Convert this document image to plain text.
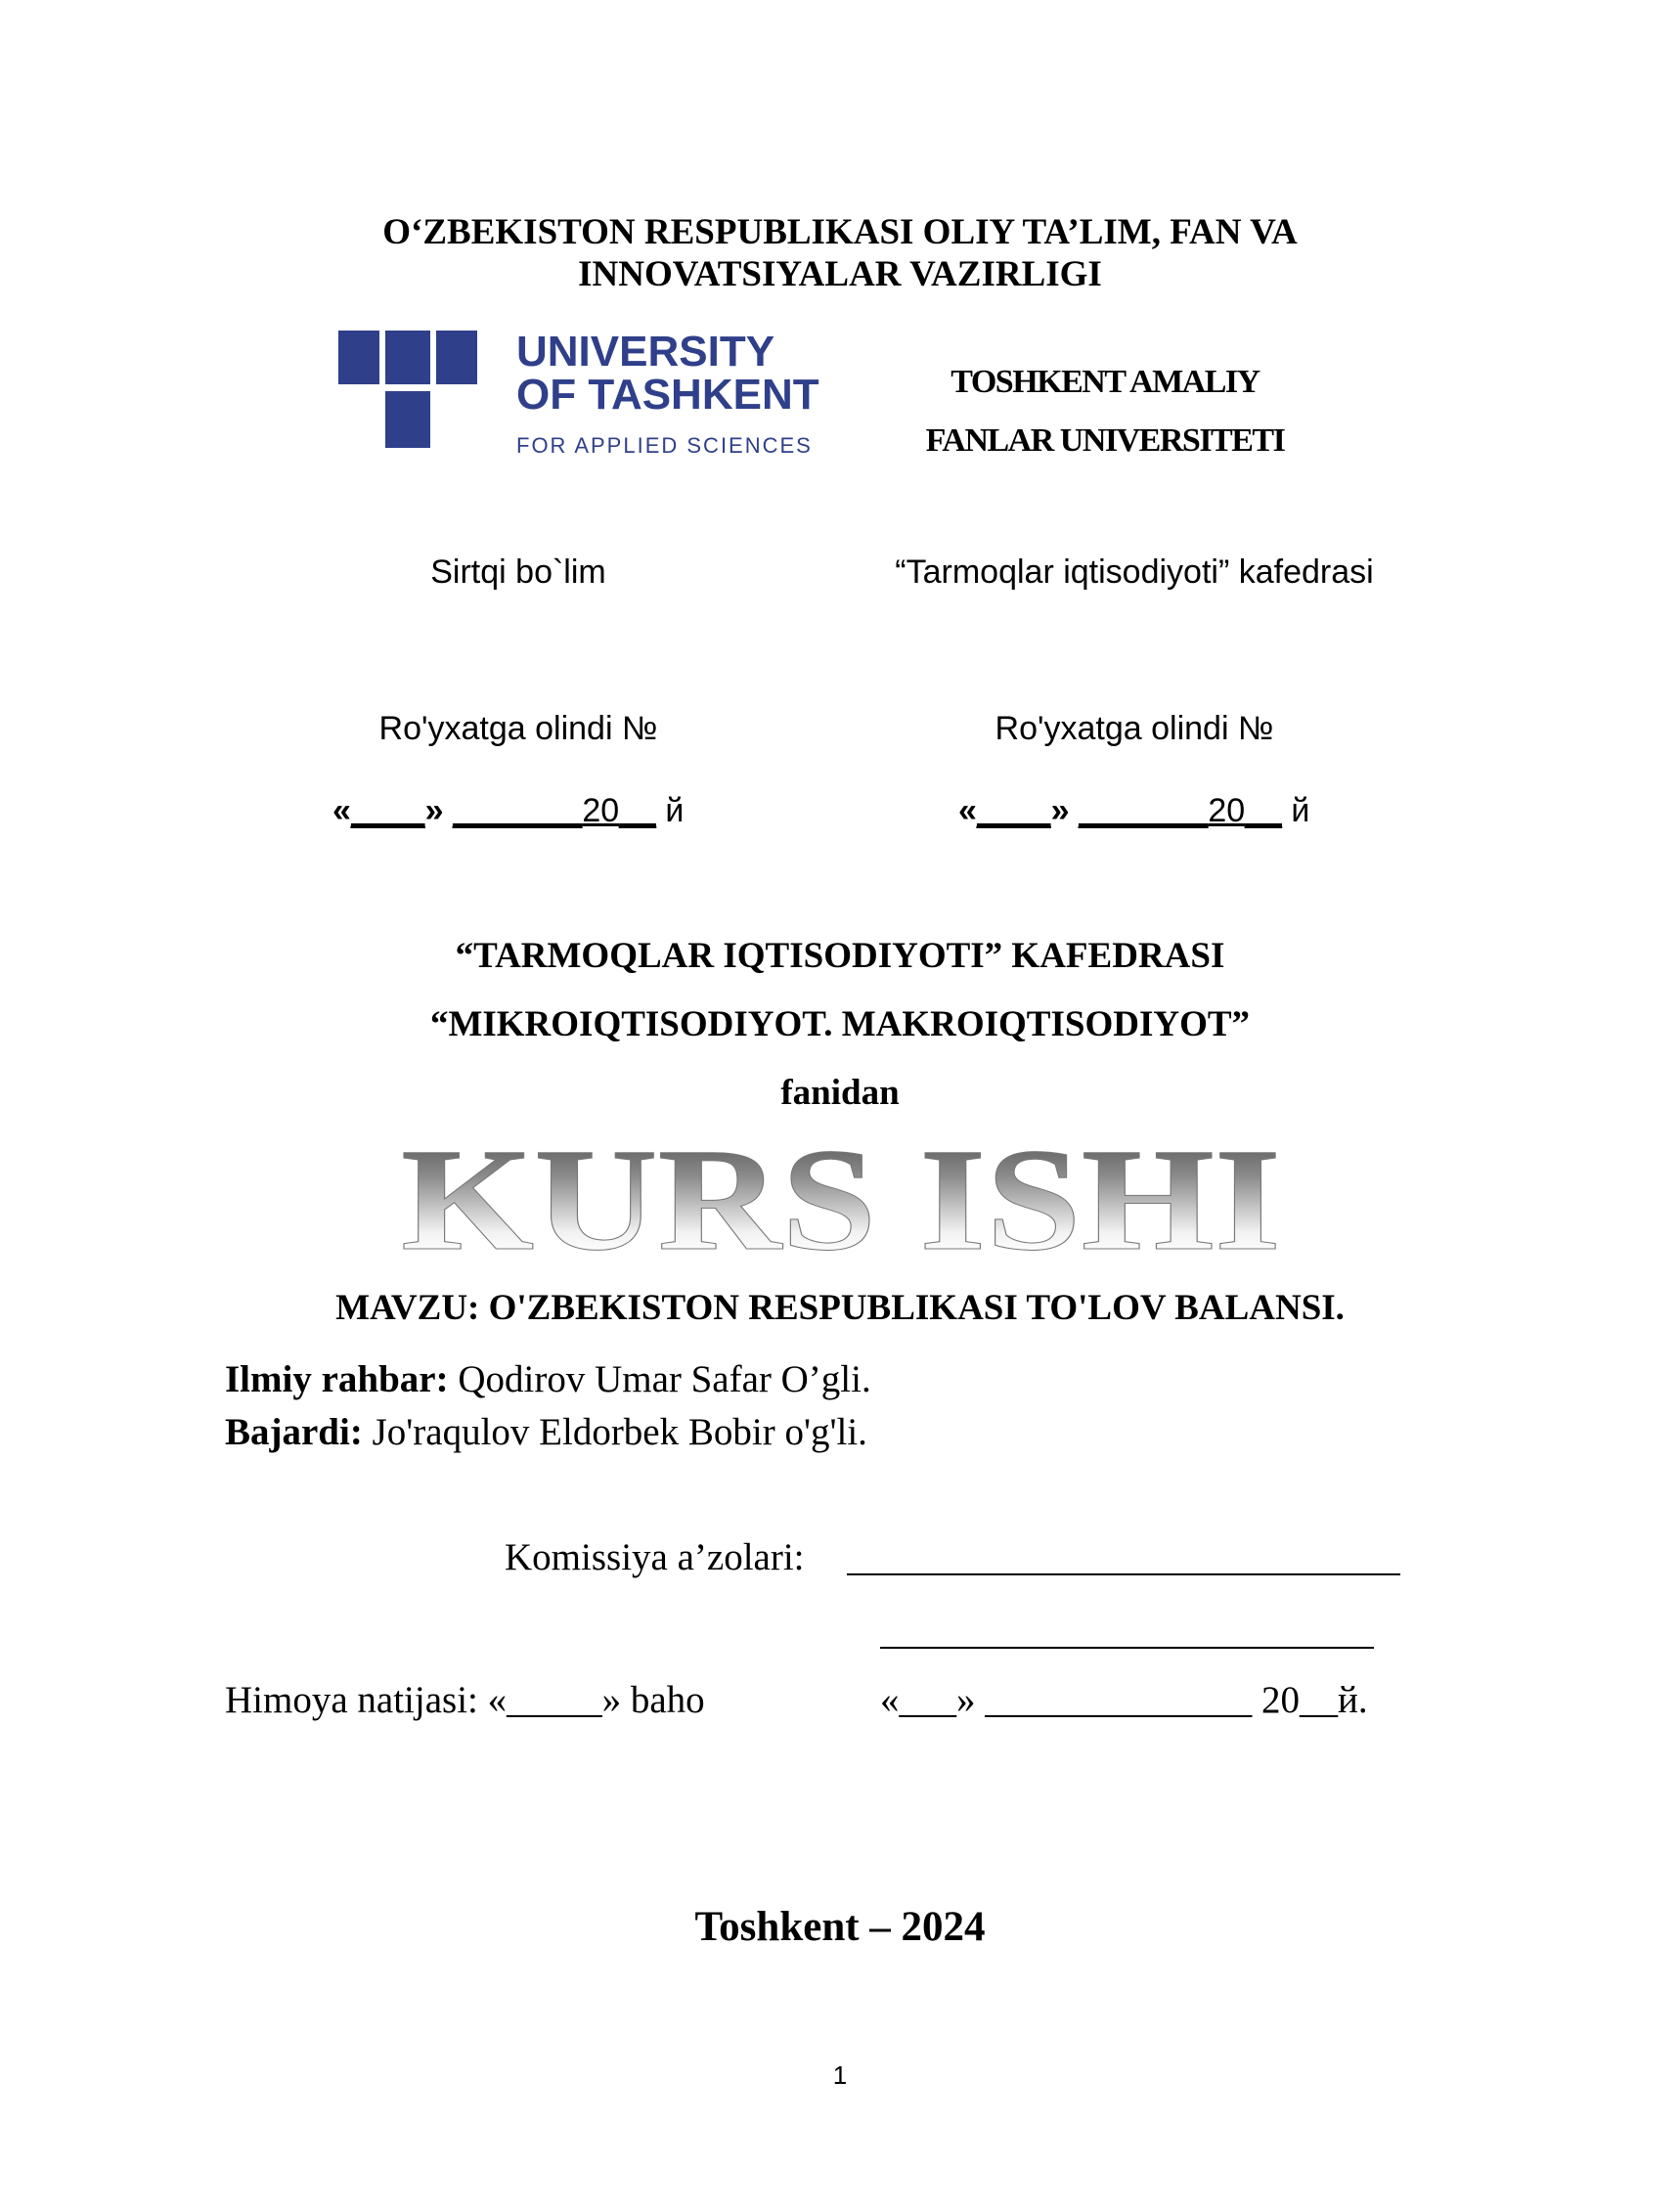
O‘ZBEKISTON RESPUBLIKASI OLIY TA’LIM, FAN VA
INNOVATSIYALAR VAZIRLIGI
UNIVERSITY
OF TASHKENT
FOR APPLIED SCIENCES
TOSHKENT AMALIY
FANLAR UNIVERSITETI
Sirtqi bo`lim	“Tarmoqlar iqtisodiyoti” kafedrasi
Ro'yxatga olindi №	Ro'yxatga olindi №
«____» _______20__ й	«____» _______20__ й
“TARMOQLAR IQTISODIYOTI” KAFEDRASI
“MIKROIQTISODIYOT. MAKROIQTISODIYOT”
fanidan
KURS ISHI
MAVZU: O'ZBEKISTON RESPUBLIKASI TO'LOV BALANSI.
Ilmiy rahbar: Qodirov Umar Safar O’gli.
Bajardi: Jo'raqulov Eldorbek Bobir o'g'li.
Komissiya a’zolari:
Himoya natijasi: «_____» baho	«___» ______________ 20__й.
Toshkent – 2024
1
